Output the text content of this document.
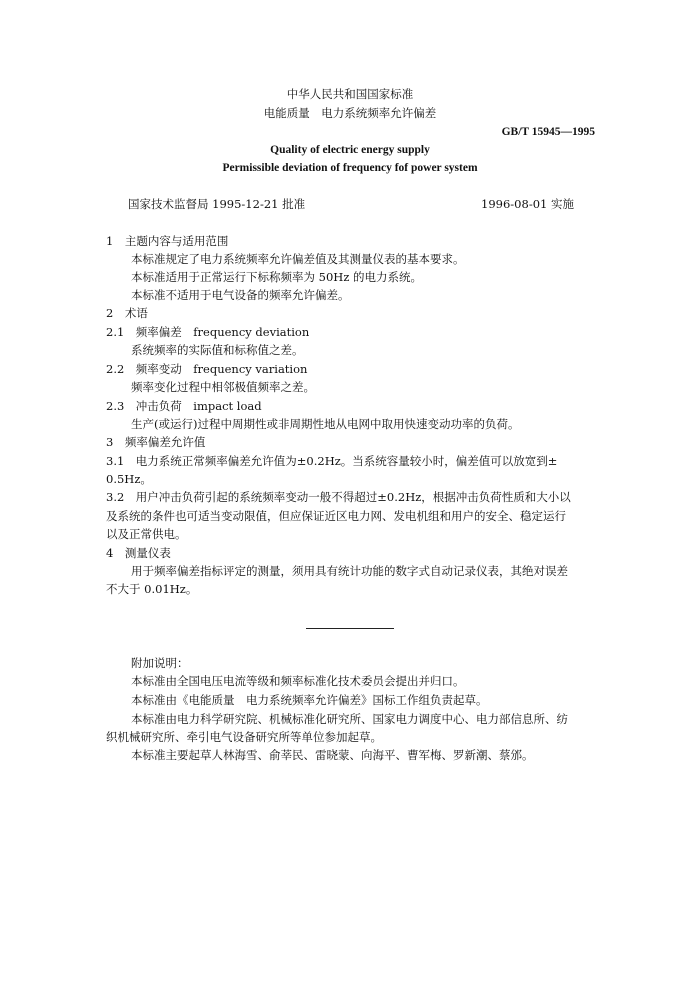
中华人民共和国国家标准
电能质量　电力系统频率允许偏差
GB/T 15945—1995
Quality of electric energy supply
Permissible deviation of frequency fof power system
国家技术监督局 1995-12-21 批准	1996-08-01 实施
1　主题内容与适用范围
本标准规定了电力系统频率允许偏差值及其测量仪表的基本要求。
本标准适用于正常运行下标称频率为 50Hz 的电力系统。
本标准不适用于电气设备的频率允许偏差。
2　术语
2.1　频率偏差　frequency deviation
系统频率的实际值和标称值之差。
2.2　频率变动　frequency variation
频率变化过程中相邻极值频率之差。
2.3　冲击负荷　impact load
生产(或运行)过程中周期性或非周期性地从电网中取用快速变动功率的负荷。
3　频率偏差允许值
3.1　电力系统正常频率偏差允许值为±0.2Hz。当系统容量较小时，偏差值可以放宽到±
0.5Hz。
3.2　用户冲击负荷引起的系统频率变动一般不得超过±0.2Hz，根据冲击负荷性质和大小以
及系统的条件也可适当变动限值，但应保证近区电力网、发电机组和用户的安全、稳定运行
以及正常供电。
4　测量仪表
用于频率偏差指标评定的测量，须用具有统计功能的数字式自动记录仪表，其绝对误差
不大于 0.01Hz。
附加说明：
本标准由全国电压电流等级和频率标准化技术委员会提出并归口。
本标准由《电能质量　电力系统频率允许偏差》国标工作组负责起草。
本标准由电力科学研究院、机械标准化研究所、国家电力调度中心、电力部信息所、纺
织机械研究所、牵引电气设备研究所等单位参加起草。
本标准主要起草人林海雪、俞莘民、雷晓蒙、向海平、曹军梅、罗新潮、蔡邠。
